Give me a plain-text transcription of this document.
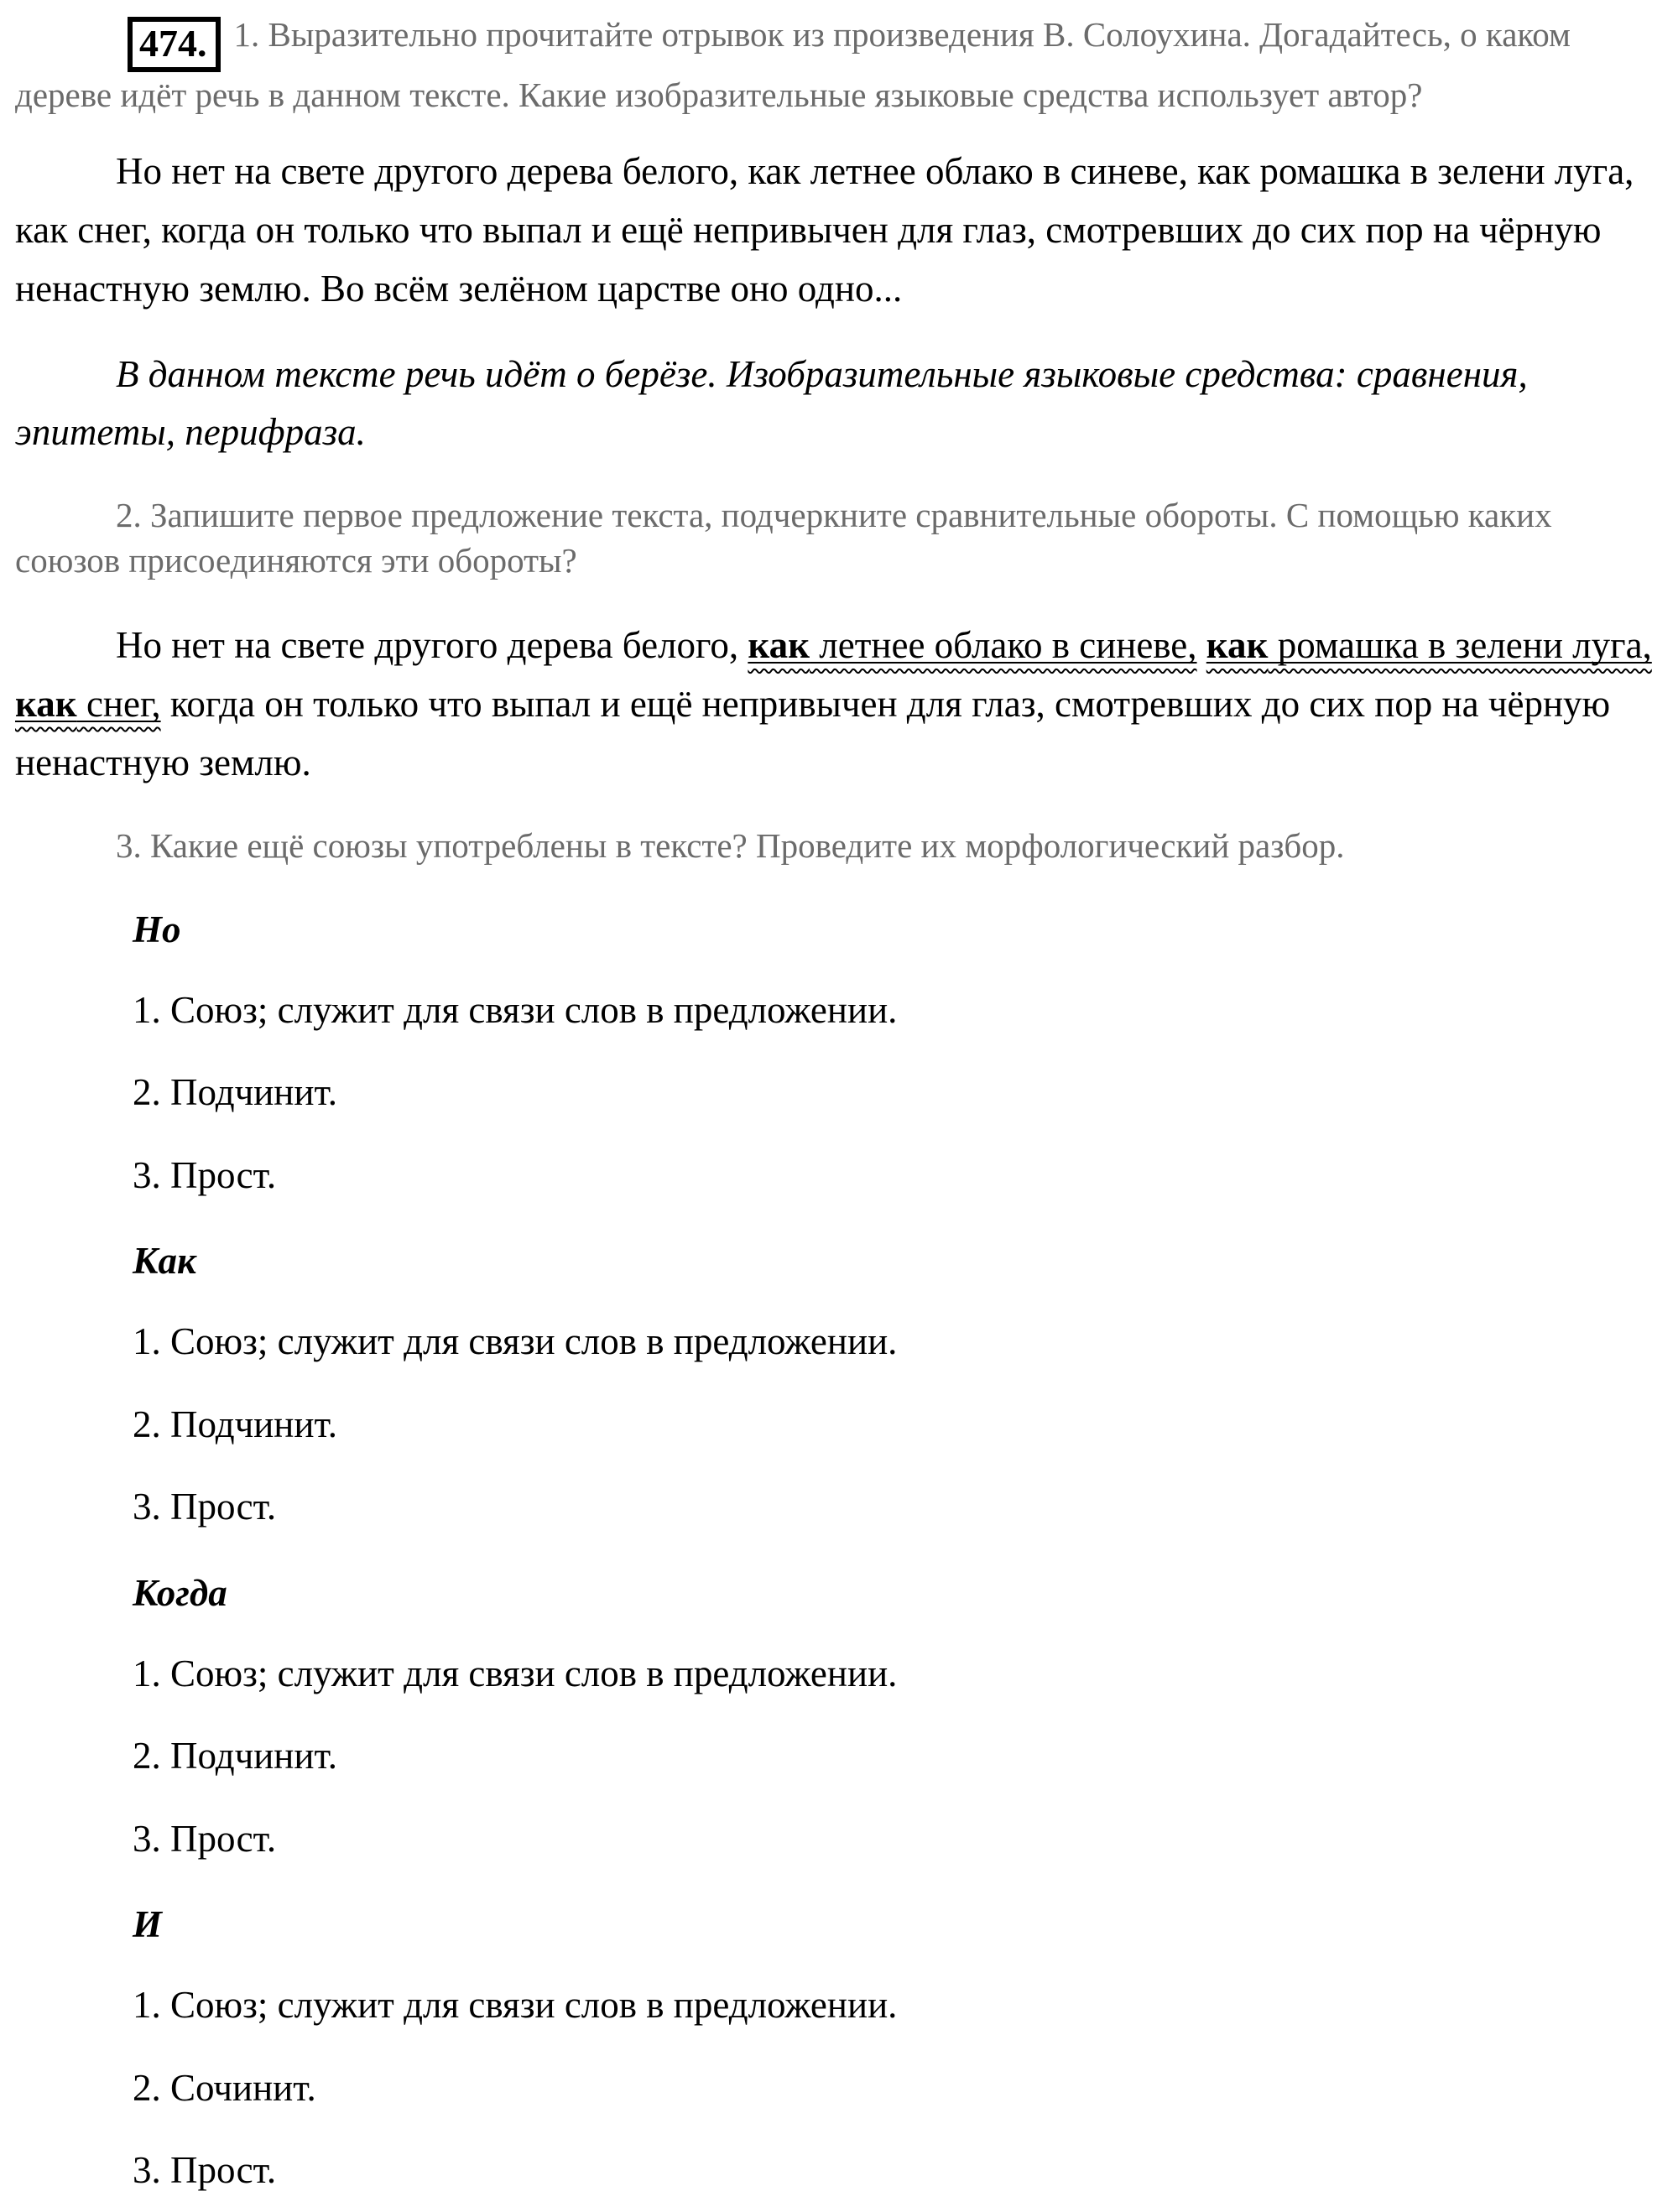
474. 1. Выразительно прочитайте отрывок из произведения В. Солоухина. Догадайтесь, о каком дереве идёт речь в данном тексте. Какие изобразительные языковые средства использует автор?

Но нет на свете другого дерева белого, как летнее облако в синеве, как ромашка в зелени луга, как снег, когда он только что выпал и ещё непривычен для глаз, смотревших до сих пор на чёрную ненастную землю. Во всём зелёном царстве оно одно...

В данном тексте речь идёт о берёзе. Изобразительные языковые средства: сравнения, эпитеты, перифраза.

2. Запишите первое предложение текста, подчеркните сравнительные обороты. С помощью каких союзов присоединяются эти обороты?

Но нет на свете другого дерева белого, как летнее облако в синеве, как ромашка в зелени луга, как снег, когда он только что выпал и ещё непривычен для глаз, смотревших до сих пор на чёрную ненастную землю.

3. Какие ещё союзы употреблены в тексте? Проведите их морфологический разбор.

Но

1. Союз; служит для связи слов в предложении.

2. Подчинит.

3. Прост.

Как

1. Союз; служит для связи слов в предложении.

2. Подчинит.

3. Прост.

Когда

1. Союз; служит для связи слов в предложении.

2. Подчинит.

3. Прост.

И

1. Союз; служит для связи слов в предложении.

2. Сочинит.

3. Прост.
